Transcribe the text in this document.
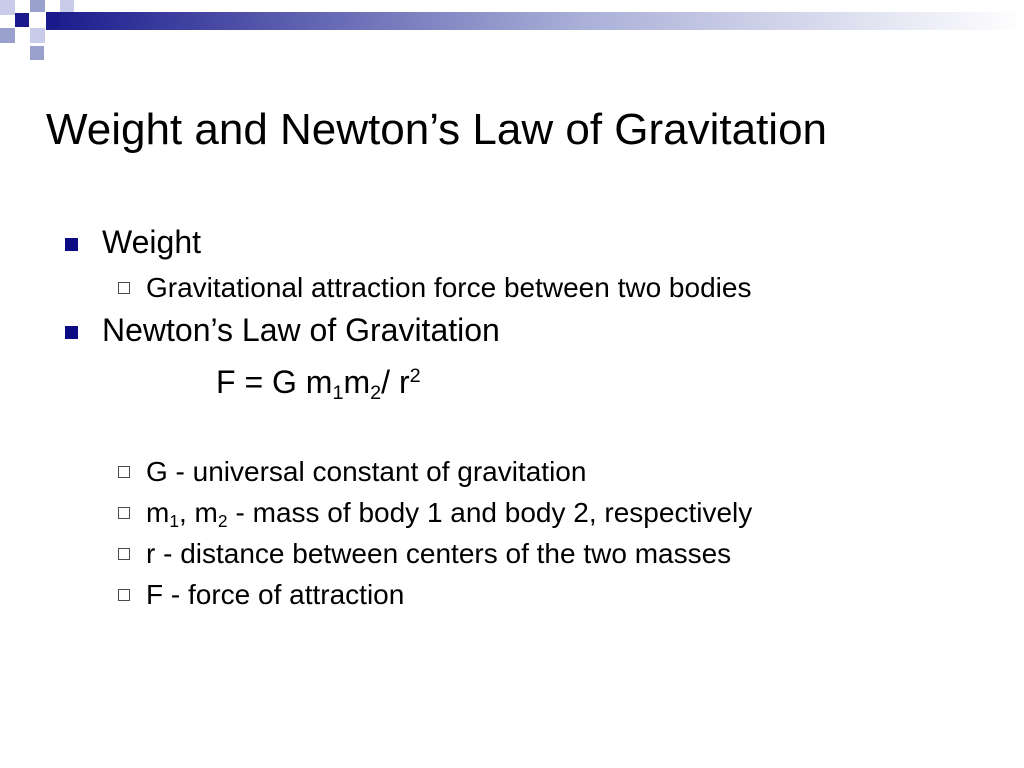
Weight and Newton’s Law of Gravitation
Weight
Gravitational attraction force between two bodies
Newton’s Law of Gravitation
F = G $m_1m_2/$ $r^2$
G - universal constant of gravitation
$m_1$, $m_2$ - mass of body 1 and body 2, respectively
r - distance between centers of the two masses
F - force of attraction
